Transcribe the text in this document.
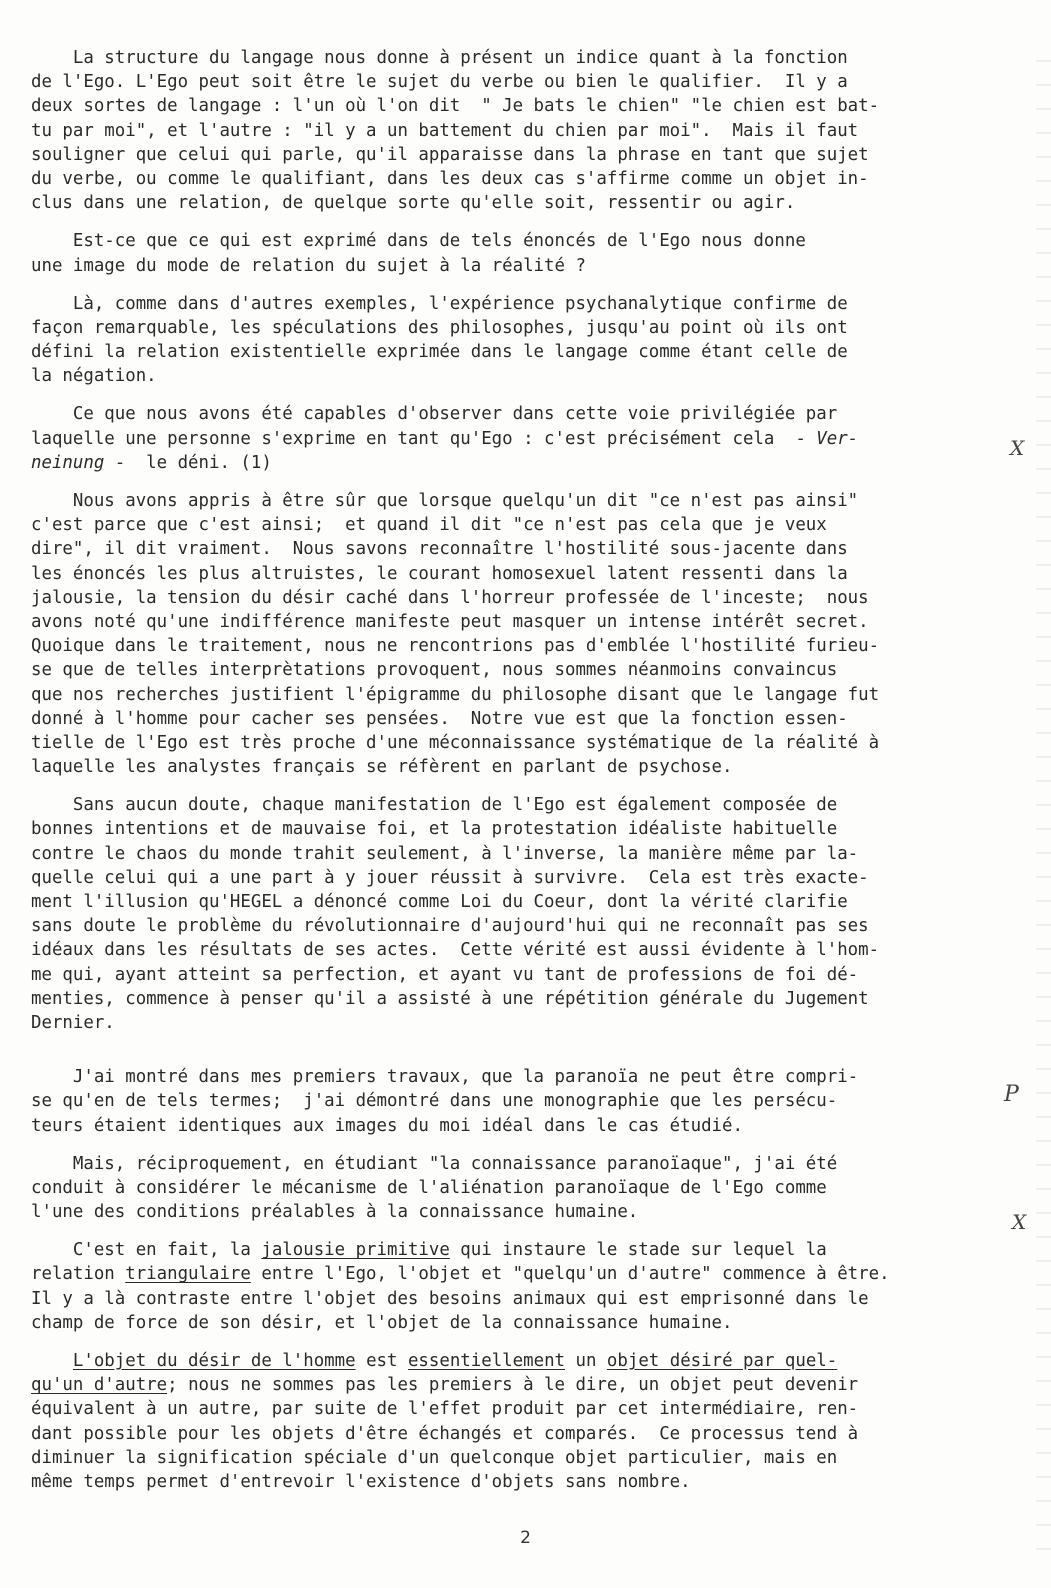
La structure du langage nous donne à présent un indice quant à la fonction
de l'Ego. L'Ego peut soit être le sujet du verbe ou bien le qualifier.  Il y a
deux sortes de langage : l'un où l'on dit  " Je bats le chien" "le chien est bat-
tu par moi", et l'autre : "il y a un battement du chien par moi".  Mais il faut
souligner que celui qui parle, qu'il apparaisse dans la phrase en tant que sujet
du verbe, ou comme le qualifiant, dans les deux cas s'affirme comme un objet in-
clus dans une relation, de quelque sorte qu'elle soit, ressentir ou agir.

Est-ce que ce qui est exprimé dans de tels énoncés de l'Ego nous donne
une image du mode de relation du sujet à la réalité ?

Là, comme dans d'autres exemples, l'expérience psychanalytique confirme de
façon remarquable, les spéculations des philosophes, jusqu'au point où ils ont
défini la relation existentielle exprimée dans le langage comme étant celle de
la négation.

Ce que nous avons été capables d'observer dans cette voie privilégiée par
laquelle une personne s'exprime en tant qu'Ego : c'est précisément cela  - Ver-
neinung -  le déni. (1)

Nous avons appris à être sûr que lorsque quelqu'un dit "ce n'est pas ainsi"
c'est parce que c'est ainsi;  et quand il dit "ce n'est pas cela que je veux
dire", il dit vraiment.  Nous savons reconnaître l'hostilité sous-jacente dans
les énoncés les plus altruistes, le courant homosexuel latent ressenti dans la
jalousie, la tension du désir caché dans l'horreur professée de l'inceste;  nous
avons noté qu'une indifférence manifeste peut masquer un intense intérêt secret.
Quoique dans le traitement, nous ne rencontrions pas d'emblée l'hostilité furieu-
se que de telles interprètations provoquent, nous sommes néanmoins convaincus
que nos recherches justifient l'épigramme du philosophe disant que le langage fut
donné à l'homme pour cacher ses pensées.  Notre vue est que la fonction essen-
tielle de l'Ego est très proche d'une méconnaissance systématique de la réalité à
laquelle les analystes français se réfèrent en parlant de psychose.

Sans aucun doute, chaque manifestation de l'Ego est également composée de
bonnes intentions et de mauvaise foi, et la protestation idéaliste habituelle
contre le chaos du monde trahit seulement, à l'inverse, la manière même par la-
quelle celui qui a une part à y jouer réussit à survivre.  Cela est très exacte-
ment l'illusion qu'HEGEL a dénoncé comme Loi du Coeur, dont la vérité clarifie
sans doute le problème du révolutionnaire d'aujourd'hui qui ne reconnaît pas ses
idéaux dans les résultats de ses actes.  Cette vérité est aussi évidente à l'hom-
me qui, ayant atteint sa perfection, et ayant vu tant de professions de foi dé-
menties, commence à penser qu'il a assisté à une répétition générale du Jugement
Dernier.

J'ai montré dans mes premiers travaux, que la paranoïa ne peut être compri-
se qu'en de tels termes;  j'ai démontré dans une monographie que les persécu-
teurs étaient identiques aux images du moi idéal dans le cas étudié.

Mais, réciproquement, en étudiant "la connaissance paranoïaque", j'ai été
conduit à considérer le mécanisme de l'aliénation paranoïaque de l'Ego comme
l'une des conditions préalables à la connaissance humaine.

C'est en fait, la jalousie primitive qui instaure le stade sur lequel la
relation triangulaire entre l'Ego, l'objet et "quelqu'un d'autre" commence à être.
Il y a là contraste entre l'objet des besoins animaux qui est emprisonné dans le
champ de force de son désir, et l'objet de la connaissance humaine.

L'objet du désir de l'homme est essentiellement un objet désiré par quel-
qu'un d'autre; nous ne sommes pas les premiers à le dire, un objet peut devenir
équivalent à un autre, par suite de l'effet produit par cet intermédiaire, ren-
dant possible pour les objets d'être échangés et comparés.  Ce processus tend à
diminuer la signification spéciale d'un quelconque objet particulier, mais en
même temps permet d'entrevoir l'existence d'objets sans nombre.

X
P
X
2
